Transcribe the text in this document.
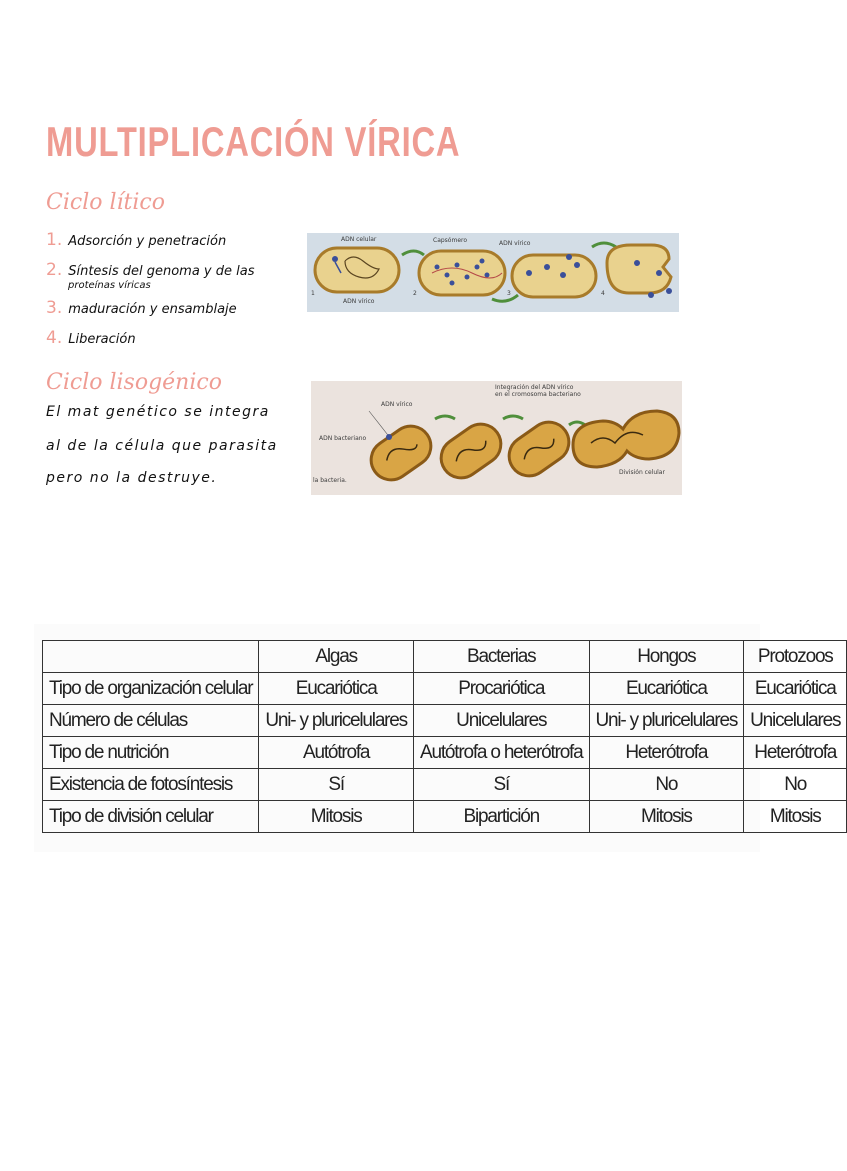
MULTIPLICACIÓN VÍRICA
Ciclo lítico
1. Adsorción y penetración
2. Síntesis del genoma y de las
proteínas víricas
3. maduración y ensamblaje
4. Liberación
ADN celular	Capsómero	ADN vírico
ADN vírico
1	2	3	4
Ciclo lisogénico
El mat genético se integra
al de la célula que parasita
pero no la destruye.
Integración del ADN vírico
en el cromosoma bacteriano
ADN vírico
ADN bacteriano
la bacteria.
División celular
	Algas	Bacterias	Hongos	Protozoos
Tipo de organización celular	Eucariótica	Procariótica	Eucariótica	Eucariótica
Número de células	Uni- y pluricelulares	Unicelulares	Uni- y pluricelulares	Unicelulares
Tipo de nutrición	Autótrofa	Autótrofa o heterótrofa	Heterótrofa	Heterótrofa
Existencia de fotosíntesis	Sí	Sí	No	No
Tipo de división celular	Mitosis	Bipartición	Mitosis	Mitosis
